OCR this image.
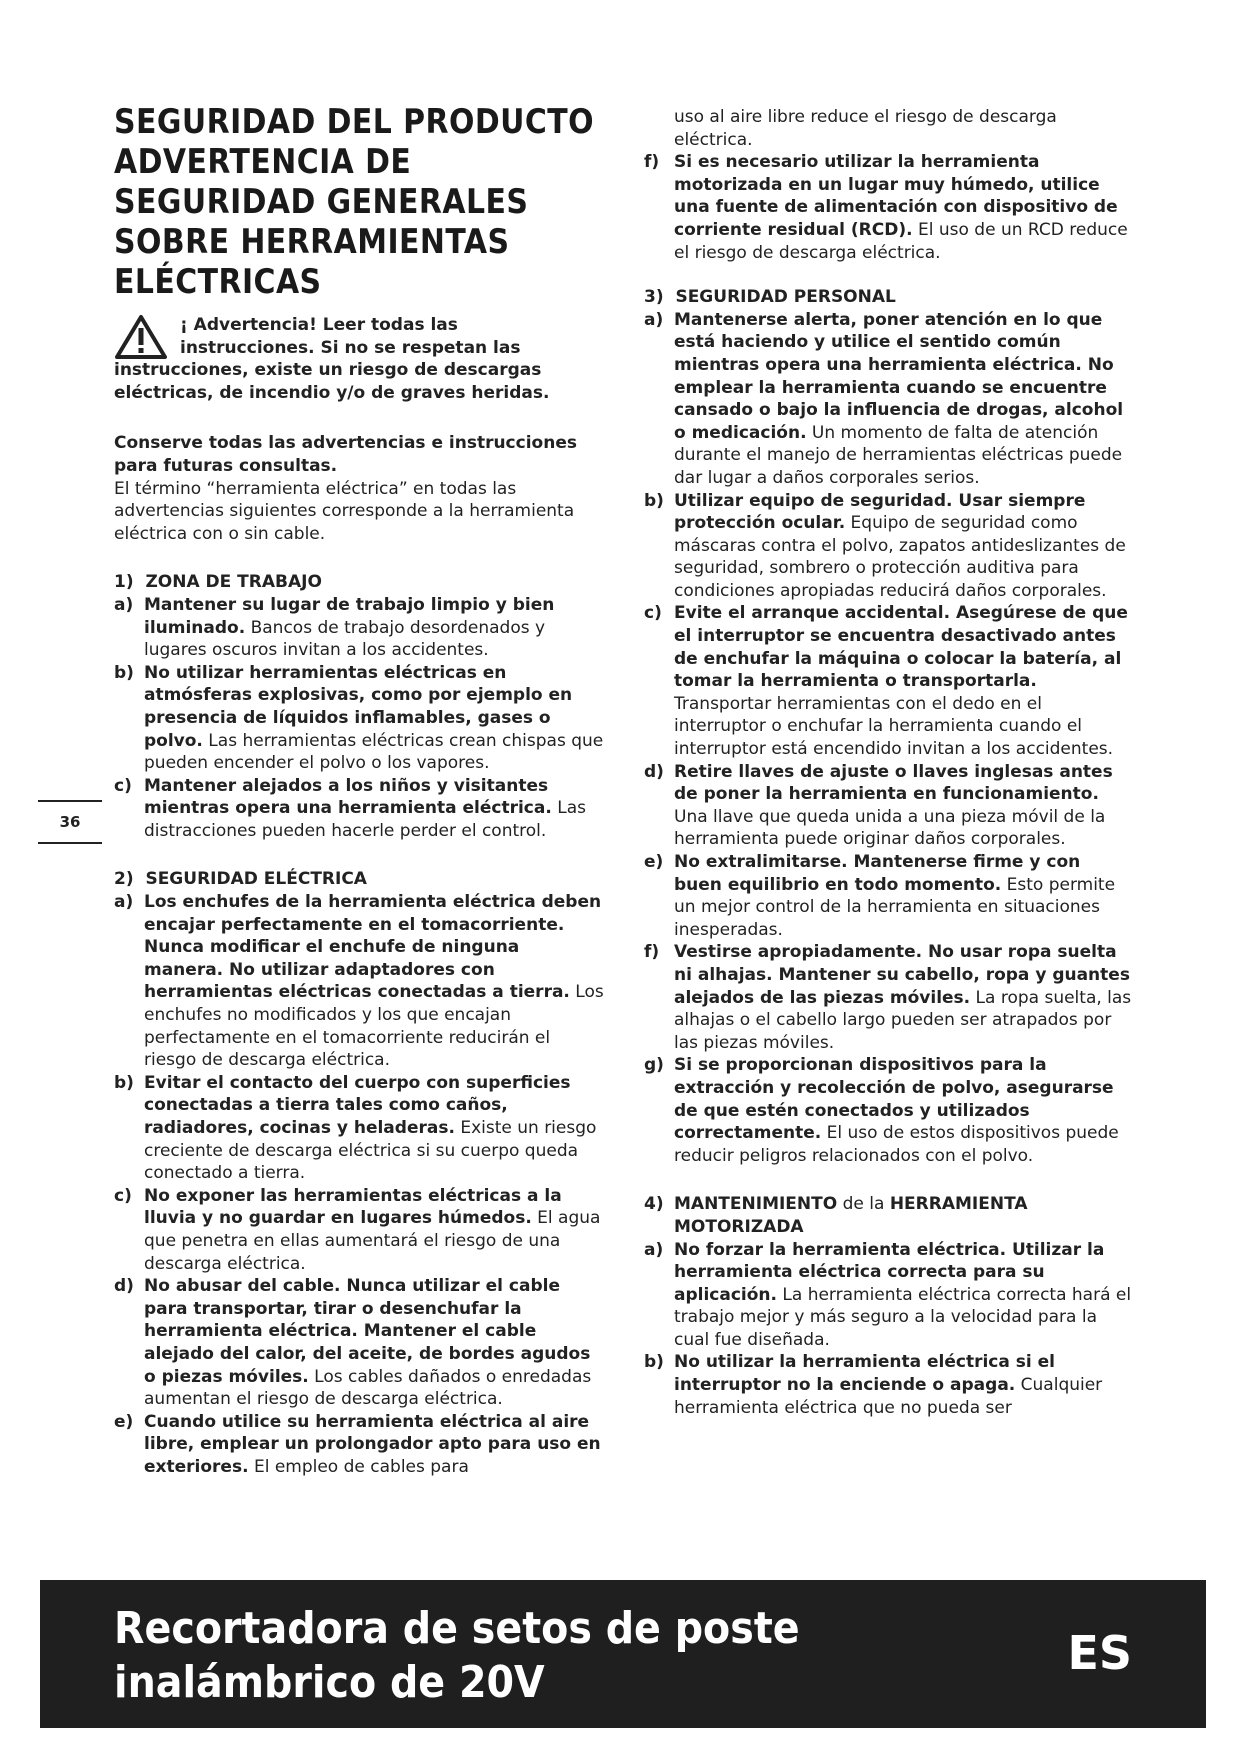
SEGURIDAD DEL PRODUCTO
ADVERTENCIA DE
SEGURIDAD GENERALES
SOBRE HERRAMIENTAS
ELÉCTRICAS
¡ Advertencia! Leer todas las
instrucciones. Si no se respetan las
instrucciones, existe un riesgo de descargas eléctricas, de incendio y/o de graves heridas.
Conserve todas las advertencias e instrucciones para futuras consultas.
El término “herramienta eléctrica” en todas las advertencias siguientes corresponde a la herramienta eléctrica con o sin cable.
1) ZONA DE TRABAJO
a) Mantener su lugar de trabajo limpio y bien iluminado. Bancos de trabajo desordenados y lugares oscuros invitan a los accidentes.
b) No utilizar herramientas eléctricas en atmósferas explosivas, como por ejemplo en presencia de líquidos inflamables, gases o polvo. Las herramientas eléctricas crean chispas que pueden encender el polvo o los vapores.
c) Mantener alejados a los niños y visitantes mientras opera una herramienta eléctrica. Las distracciones pueden hacerle perder el control.
2) SEGURIDAD ELÉCTRICA
a) Los enchufes de la herramienta eléctrica deben encajar perfectamente en el tomacorriente. Nunca modificar el enchufe de ninguna manera. No utilizar adaptadores con herramientas eléctricas conectadas a tierra. Los enchufes no modificados y los que encajan perfectamente en el tomacorriente reducirán el riesgo de descarga eléctrica.
b) Evitar el contacto del cuerpo con superficies conectadas a tierra tales como caños, radiadores, cocinas y heladeras. Existe un riesgo creciente de descarga eléctrica si su cuerpo queda conectado a tierra.
c) No exponer las herramientas eléctricas a la lluvia y no guardar en lugares húmedos. El agua que penetra en ellas aumentará el riesgo de una descarga eléctrica.
d) No abusar del cable. Nunca utilizar el cable para transportar, tirar o desenchufar la herramienta eléctrica. Mantener el cable alejado del calor, del aceite, de bordes agudos o piezas móviles. Los cables dañados o enredadas aumentan el riesgo de descarga eléctrica.
e) Cuando utilice su herramienta eléctrica al aire libre, emplear un prolongador apto para uso en exteriores. El empleo de cables para
uso al aire libre reduce el riesgo de descarga eléctrica.
f) Si es necesario utilizar la herramienta motorizada en un lugar muy húmedo, utilice una fuente de alimentación con dispositivo de corriente residual (RCD). El uso de un RCD reduce el riesgo de descarga eléctrica.
3) SEGURIDAD PERSONAL
a) Mantenerse alerta, poner atención en lo que está haciendo y utilice el sentido común mientras opera una herramienta eléctrica. No emplear la herramienta cuando se encuentre cansado o bajo la influencia de drogas, alcohol o medicación. Un momento de falta de atención durante el manejo de herramientas eléctricas puede dar lugar a daños corporales serios.
b) Utilizar equipo de seguridad. Usar siempre protección ocular. Equipo de seguridad como máscaras contra el polvo, zapatos antideslizantes de seguridad, sombrero o protección auditiva para condiciones apropiadas reducirá daños corporales.
c) Evite el arranque accidental. Asegúrese de que el interruptor se encuentra desactivado antes de enchufar la máquina o colocar la batería, al tomar la herramienta o transportarla. Transportar herramientas con el dedo en el interruptor o enchufar la herramienta cuando el interruptor está encendido invitan a los accidentes.
d) Retire llaves de ajuste o llaves inglesas antes de poner la herramienta en funcionamiento. Una llave que queda unida a una pieza móvil de la herramienta puede originar daños corporales.
e) No extralimitarse. Mantenerse firme y con buen equilibrio en todo momento. Esto permite un mejor control de la herramienta en situaciones inesperadas.
f) Vestirse apropiadamente. No usar ropa suelta ni alhajas. Mantener su cabello, ropa y guantes alejados de las piezas móviles. La ropa suelta, las alhajas o el cabello largo pueden ser atrapados por las piezas móviles.
g) Si se proporcionan dispositivos para la extracción y recolección de polvo, asegurarse de que estén conectados y utilizados correctamente. El uso de estos dispositivos puede reducir peligros relacionados con el polvo.
4) MANTENIMIENTO de la HERRAMIENTA MOTORIZADA
a) No forzar la herramienta eléctrica. Utilizar la herramienta eléctrica correcta para su aplicación. La herramienta eléctrica correcta hará el trabajo mejor y más seguro a la velocidad para la cual fue diseñada.
b) No utilizar la herramienta eléctrica si el interruptor no la enciende o apaga. Cualquier herramienta eléctrica que no pueda ser
36
Recortadora de setos de poste
inalámbrico de 20V
ES
